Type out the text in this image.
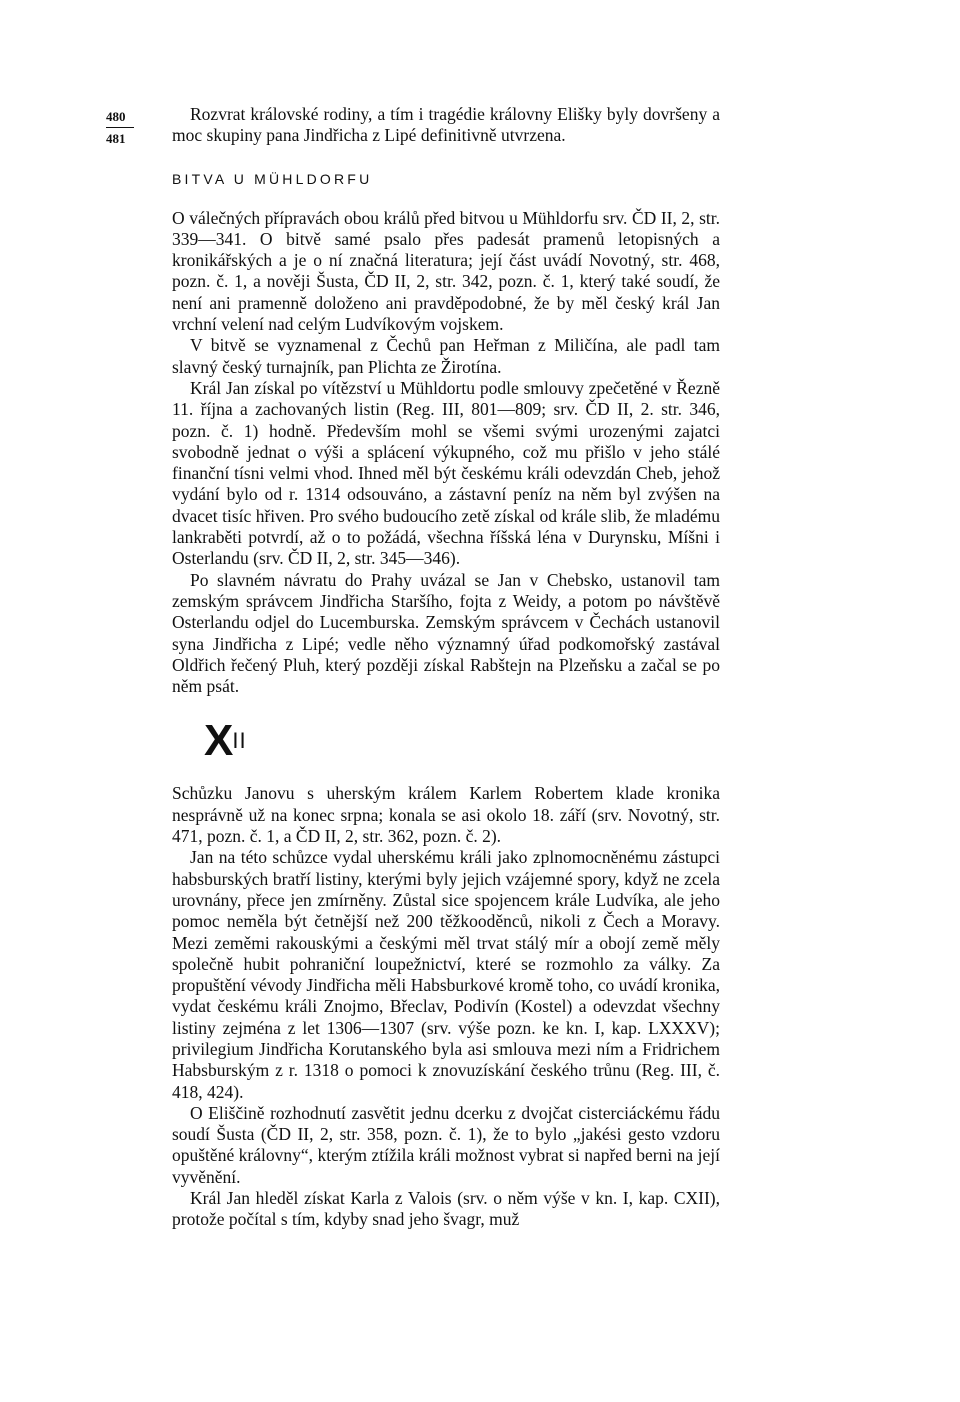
480
481

Rozvrat královské rodiny, a tím i tragédie královny Elišky byly dovršeny a moc skupiny pana Jindřicha z Lipé definitivně utvrzena.

BITVA U MÜHLDORFU

O válečných přípravách obou králů před bitvou u Mühldorfu srv. ČD II, 2, str. 339—341. O bitvě samé psalo přes padesát pramenů letopisných a kronikářských a je o ní značná literatura; její část uvádí Novotný, str. 468, pozn. č. 1, a nověji Šusta, ČD II, 2, str. 342, pozn. č. 1, který také soudí, že není ani pramenně doloženo ani pravděpodobné, že by měl český král Jan vrchní velení nad celým Ludvíkovým vojskem.

V bitvě se vyznamenal z Čechů pan Heřman z Miličína, ale padl tam slavný český turnajník, pan Plichta ze Žirotína.

Král Jan získal po vítězství u Mühldortu podle smlouvy zpečetěné v Řezně 11. října a zachovaných listin (Reg. III, 801—809; srv. ČD II, 2. str. 346, pozn. č. 1) hodně. Především mohl se všemi svými urozenými zajatci svobodně jednat o výši a splácení výkupného, což mu přišlo v jeho stálé finanční tísni velmi vhod. Ihned měl být českému králi odevzdán Cheb, jehož vydání bylo od r. 1314 odsouváno, a zástavní peníz na něm byl zvýšen na dvacet tisíc hřiven. Pro svého budoucího zetě získal od krále slib, že mladému lankraběti potvrdí, až o to požádá, všechna říšská léna v Durynsku, Míšni i Osterlandu (srv. ČD II, 2, str. 345—346).

Po slavném návratu do Prahy uvázal se Jan v Chebsko, ustanovil tam zemským správcem Jindřicha Staršího, fojta z Weidy, a potom po návštěvě Osterlandu odjel do Lucemburska. Zemským správcem v Čechách ustanovil syna Jindřicha z Lipé; vedle něho významný úřad podkomořský zastával Oldřich řečený Pluh, který později získal Rabštejn na Plzeňsku a začal se po něm psát.

$X^{II}$

Schůzku Janovu s uherským králem Karlem Robertem klade kronika nesprávně už na konec srpna; konala se asi okolo 18. září (srv. Novotný, str. 471, pozn. č. 1, a ČD II, 2, str. 362, pozn. č. 2).

Jan na této schůzce vydal uherskému králi jako zplnomocněnému zástupci habsburských bratří listiny, kterými byly jejich vzájemné spory, když ne zcela urovnány, přece jen zmírněny. Zůstal sice spojencem krále Ludvíka, ale jeho pomoc neměla být četnější než 200 těžkooděnců, nikoli z Čech a Moravy. Mezi zeměmi rakouskými a českými měl trvat stálý mír a obojí země měly společně hubit pohraniční loupežnictví, které se rozmohlo za války. Za propuštění vévody Jindřicha měli Habsburkové kromě toho, co uvádí kronika, vydat českému králi Znojmo, Břeclav, Podivín (Kostel) a odevzdat všechny listiny zejména z let 1306—1307 (srv. výše pozn. ke kn. I, kap. LXXXV); privilegium Jindřicha Korutanského byla asi smlouva mezi ním a Fridrichem Habsburským z r. 1318 o pomoci k znovuzískání českého trůnu (Reg. III, č. 418, 424).

O Eliščině rozhodnutí zasvětit jednu dcerku z dvojčat cisterciáckému řádu soudí Šusta (ČD II, 2, str. 358, pozn. č. 1), že to bylo „jakési gesto vzdoru opuštěné královny“, kterým ztížila králi možnost vybrat si napřed berni na její vyvěnění.

Král Jan hleděl získat Karla z Valois (srv. o něm výše v kn. I, kap. CXII), protože počítal s tím, kdyby snad jeho švagr, muž
